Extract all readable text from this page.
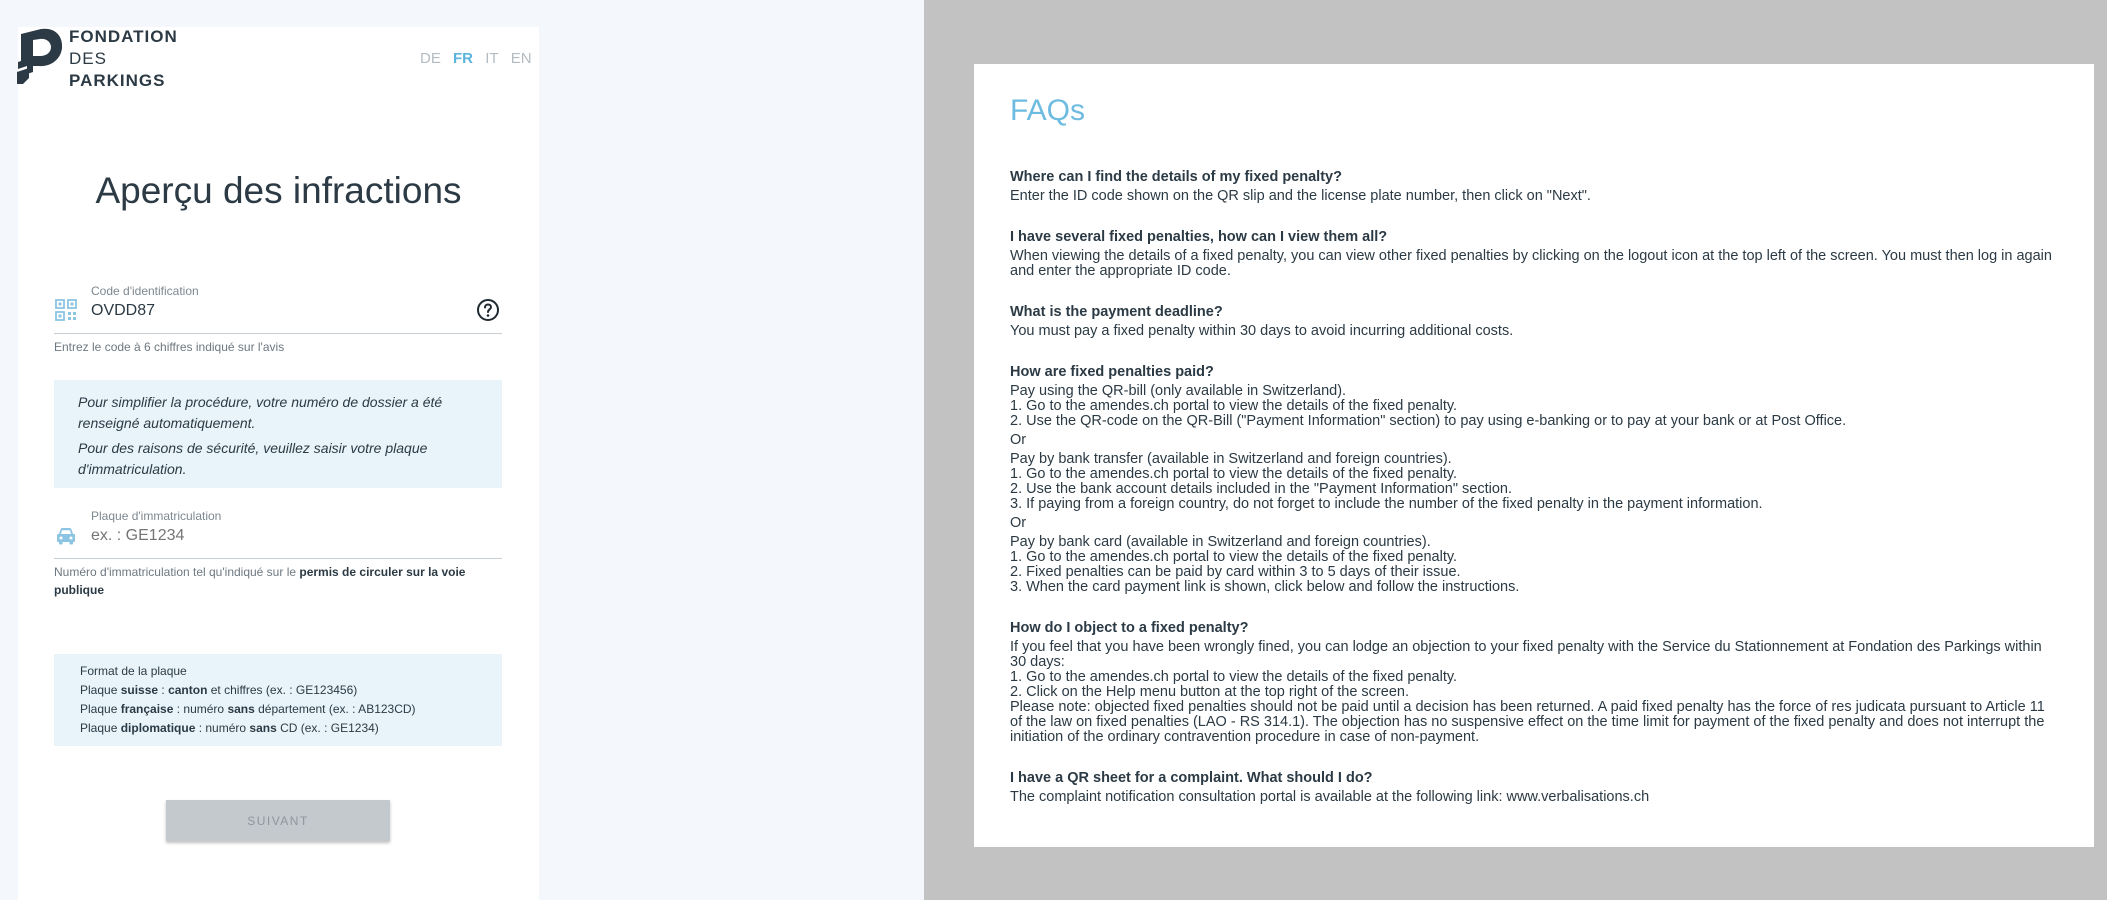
FONDATION
DES
PARKINGS
DE FR IT EN
Aperçu des infractions
Code d'identification
OVDD87
Entrez le code à 6 chiffres indiqué sur l'avis

Pour simplifier la procédure, votre numéro de dossier a été renseigné automatiquement.

Pour des raisons de sécurité, veuillez saisir votre plaque d'immatriculation.

Plaque d'immatriculation
ex. : GE1234
Numéro d'immatriculation tel qu'indiqué sur le permis de circuler sur la voie publique
Format de la plaque
Plaque suisse : canton et chiffres (ex. : GE123456)
Plaque française : numéro sans département (ex. : AB123CD)
Plaque diplomatique : numéro sans CD (ex. : GE1234)
SUIVANT
FAQs
Where can I find the details of my fixed penalty?

Enter the ID code shown on the QR slip and the license plate number, then click on "Next".

I have several fixed penalties, how can I view them all?

When viewing the details of a fixed penalty, you can view other fixed penalties by clicking on the logout icon at the top left of the screen. You must then log in again and enter the appropriate ID code.

What is the payment deadline?

You must pay a fixed penalty within 30 days to avoid incurring additional costs.

How are fixed penalties paid?

Pay using the QR-bill (only available in Switzerland).

1. Go to the amendes.ch portal to view the details of the fixed penalty.

2. Use the QR-code on the QR-Bill ("Payment Information" section) to pay using e-banking or to pay at your bank or at Post Office.

Or

Pay by bank transfer (available in Switzerland and foreign countries).

1. Go to the amendes.ch portal to view the details of the fixed penalty.

2. Use the bank account details included in the "Payment Information" section.

3. If paying from a foreign country, do not forget to include the number of the fixed penalty in the payment information.

Or

Pay by bank card (available in Switzerland and foreign countries).

1. Go to the amendes.ch portal to view the details of the fixed penalty.

2. Fixed penalties can be paid by card within 3 to 5 days of their issue.

3. When the card payment link is shown, click below and follow the instructions.

How do I object to a fixed penalty?

If you feel that you have been wrongly fined, you can lodge an objection to your fixed penalty with the Service du Stationnement at Fondation des Parkings within 30 days:

1. Go to the amendes.ch portal to view the details of the fixed penalty.

2. Click on the Help menu button at the top right of the screen.

Please note: objected fixed penalties should not be paid until a decision has been returned. A paid fixed penalty has the force of res judicata pursuant to Article 11 of the law on fixed penalties (LAO - RS 314.1). The objection has no suspensive effect on the time limit for payment of the fixed penalty and does not interrupt the initiation of the ordinary contravention procedure in case of non-payment.

I have a QR sheet for a complaint. What should I do?

The complaint notification consultation portal is available at the following link: www.verbalisations.ch
